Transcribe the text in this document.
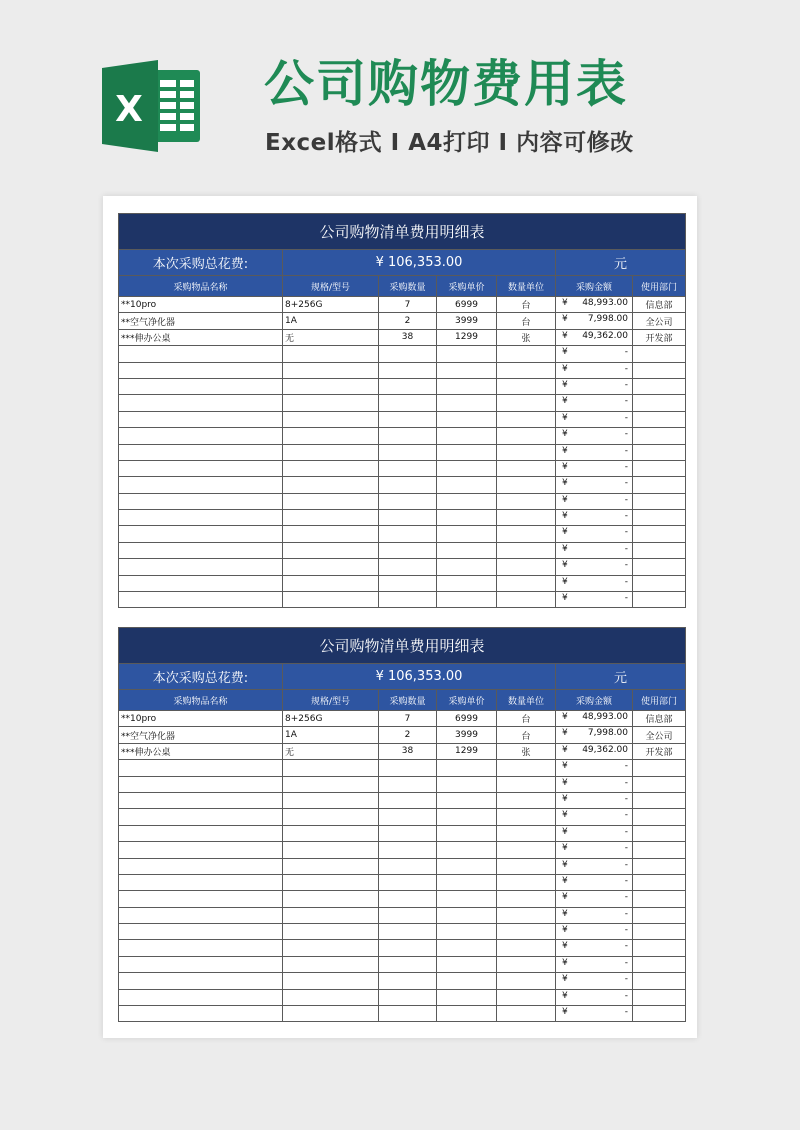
X 公司购物费用表
Excel格式 I A4打印 I 内容可修改
公司购物清单费用明细表						
本次采购总花费:	¥ 106,353.00				元	
采购物品名称	规格/型号	采购数量	采购单价	数量单位	采购金额	使用部门
**10pro	8+256G	7	6999	台	¥ 48,993.00	信息部
**空气净化器	1A	2	3999	台	¥ 7,998.00	全公司
***伸办公桌	无	38	1299	张	¥ 49,362.00	开发部

					¥ -	

					¥ -	

					¥ -	

					¥ -	

					¥ -	

					¥ -	

					¥ -	

					¥ -	

					¥ -	

					¥ -	

					¥ -	

					¥ -	

					¥ -	

					¥ -	

					¥ -	

					¥ -	

公司购物清单费用明细表						
本次采购总花费:	¥ 106,353.00				元	
采购物品名称	规格/型号	采购数量	采购单价	数量单位	采购金额	使用部门
**10pro	8+256G	7	6999	台	¥ 48,993.00	信息部
**空气净化器	1A	2	3999	台	¥ 7,998.00	全公司
***伸办公桌	无	38	1299	张	¥ 49,362.00	开发部

					¥ -	

					¥ -	

					¥ -	

					¥ -	

					¥ -	

					¥ -	

					¥ -	

					¥ -	

					¥ -	

					¥ -	

					¥ -	

					¥ -	

					¥ -	

					¥ -	

					¥ -	

					¥ -	
